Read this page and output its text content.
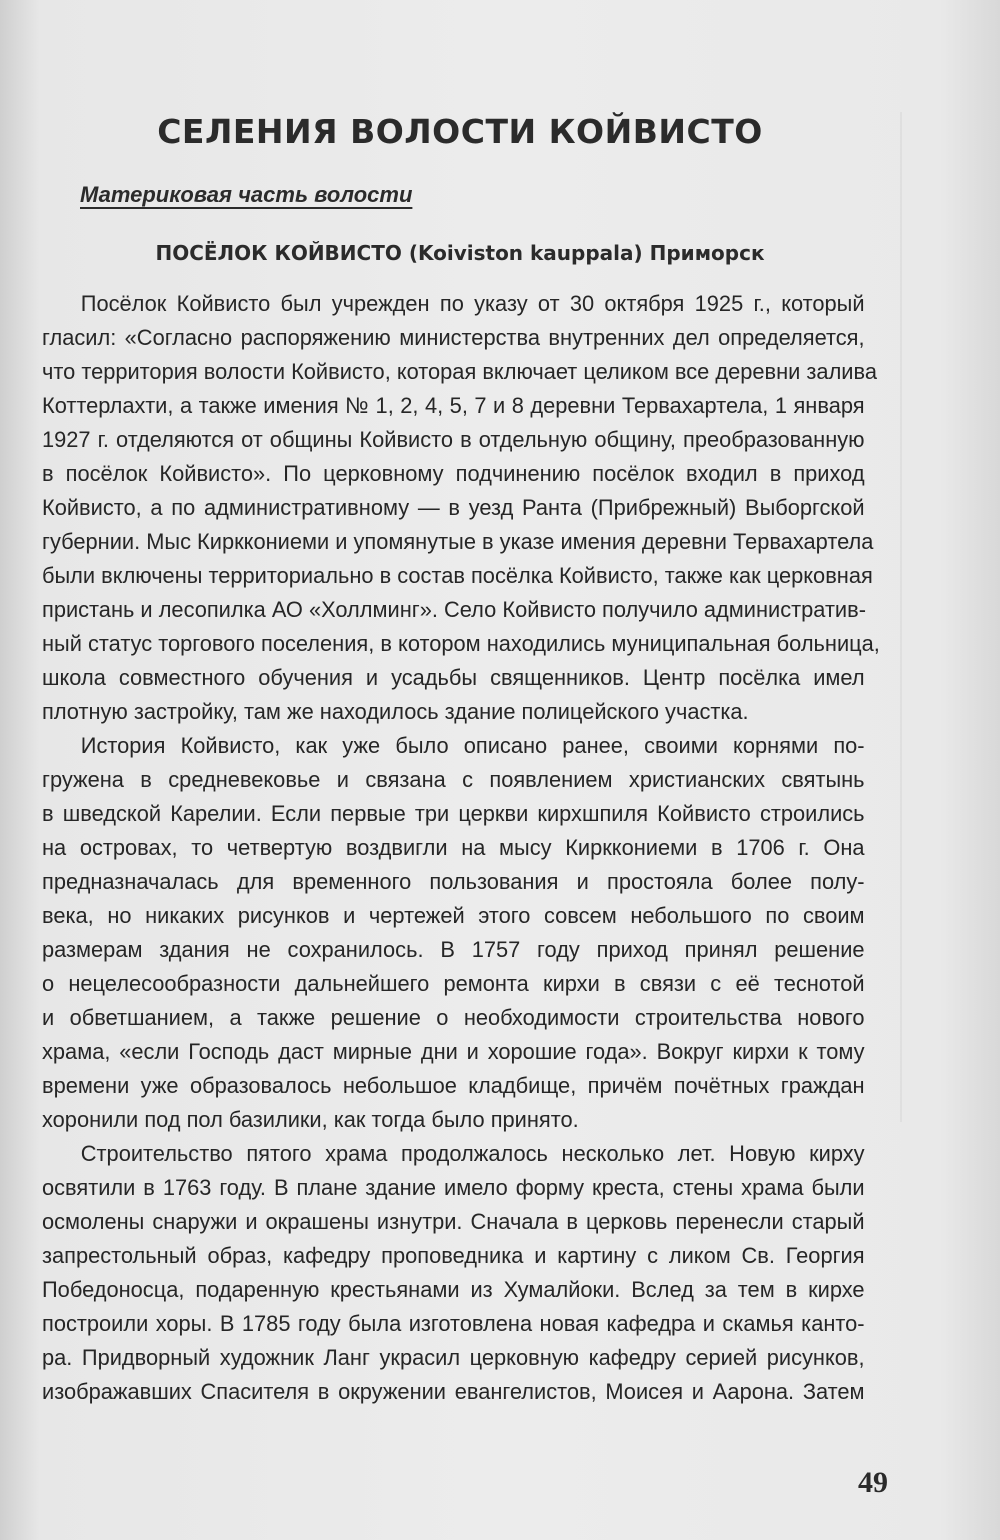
СЕЛЕНИЯ ВОЛОСТИ КОЙВИСТО
Материковая часть волости
ПОСЁЛОК КОЙВИСТО (Koiviston kauppala) Приморск
Посёлок Койвисто был учрежден по указу от 30 октября 1925 г., который
гласил: «Согласно распоряжению министерства внутренних дел определяется,
что территория волости Койвисто, которая включает целиком все деревни залива
Коттерлахти, а также имения № 1, 2, 4, 5, 7 и 8 деревни Тервахартела, 1 января
1927 г. отделяются от общины Койвисто в отдельную общину, преобразованную
в посёлок Койвисто». По церковному подчинению посёлок входил в приход
Койвисто, а по административному — в уезд Ранта (Прибрежный) Выборгской
губернии. Мыс Кирккониеми и упомянутые в указе имения деревни Тервахартела
были включены территориально в состав посёлка Койвисто, также как церковная
пристань и лесопилка АО «Холлминг». Село Койвисто получило административ-
ный статус торгового поселения, в котором находились муниципальная больница,
школа совместного обучения и усадьбы священников. Центр посёлка имел
плотную застройку, там же находилось здание полицейского участка.
История Койвисто, как уже было описано ранее, своими корнями по-
гружена в средневековье и связана с появлением христианских святынь
в шведской Карелии. Если первые три церкви кирхшпиля Койвисто строились
на островах, то четвертую воздвигли на мысу Кирккониеми в 1706 г. Она
предназначалась для временного пользования и простояла более полу-
века, но никаких рисунков и чертежей этого совсем небольшого по своим
размерам здания не сохранилось. В 1757 году приход принял решение
о нецелесообразности дальнейшего ремонта кирхи в связи с её теснотой
и обветшанием, а также решение о необходимости строительства нового
храма, «если Господь даст мирные дни и хорошие года». Вокруг кирхи к тому
времени уже образовалось небольшое кладбище, причём почётных граждан
хоронили под пол базилики, как тогда было принято.
Строительство пятого храма продолжалось несколько лет. Новую кирху
освятили в 1763 году. В плане здание имело форму креста, стены храма были
осмолены снаружи и окрашены изнутри. Сначала в церковь перенесли старый
запрестольный образ, кафедру проповедника и картину с ликом Св. Георгия
Победоносца, подаренную крестьянами из Хумалйоки. Вслед за тем в кирхе
построили хоры. В 1785 году была изготовлена новая кафедра и скамья канто-
ра. Придворный художник Ланг украсил церковную кафедру серией рисунков,
изображавших Спасителя в окружении евангелистов, Моисея и Аарона. Затем
49
